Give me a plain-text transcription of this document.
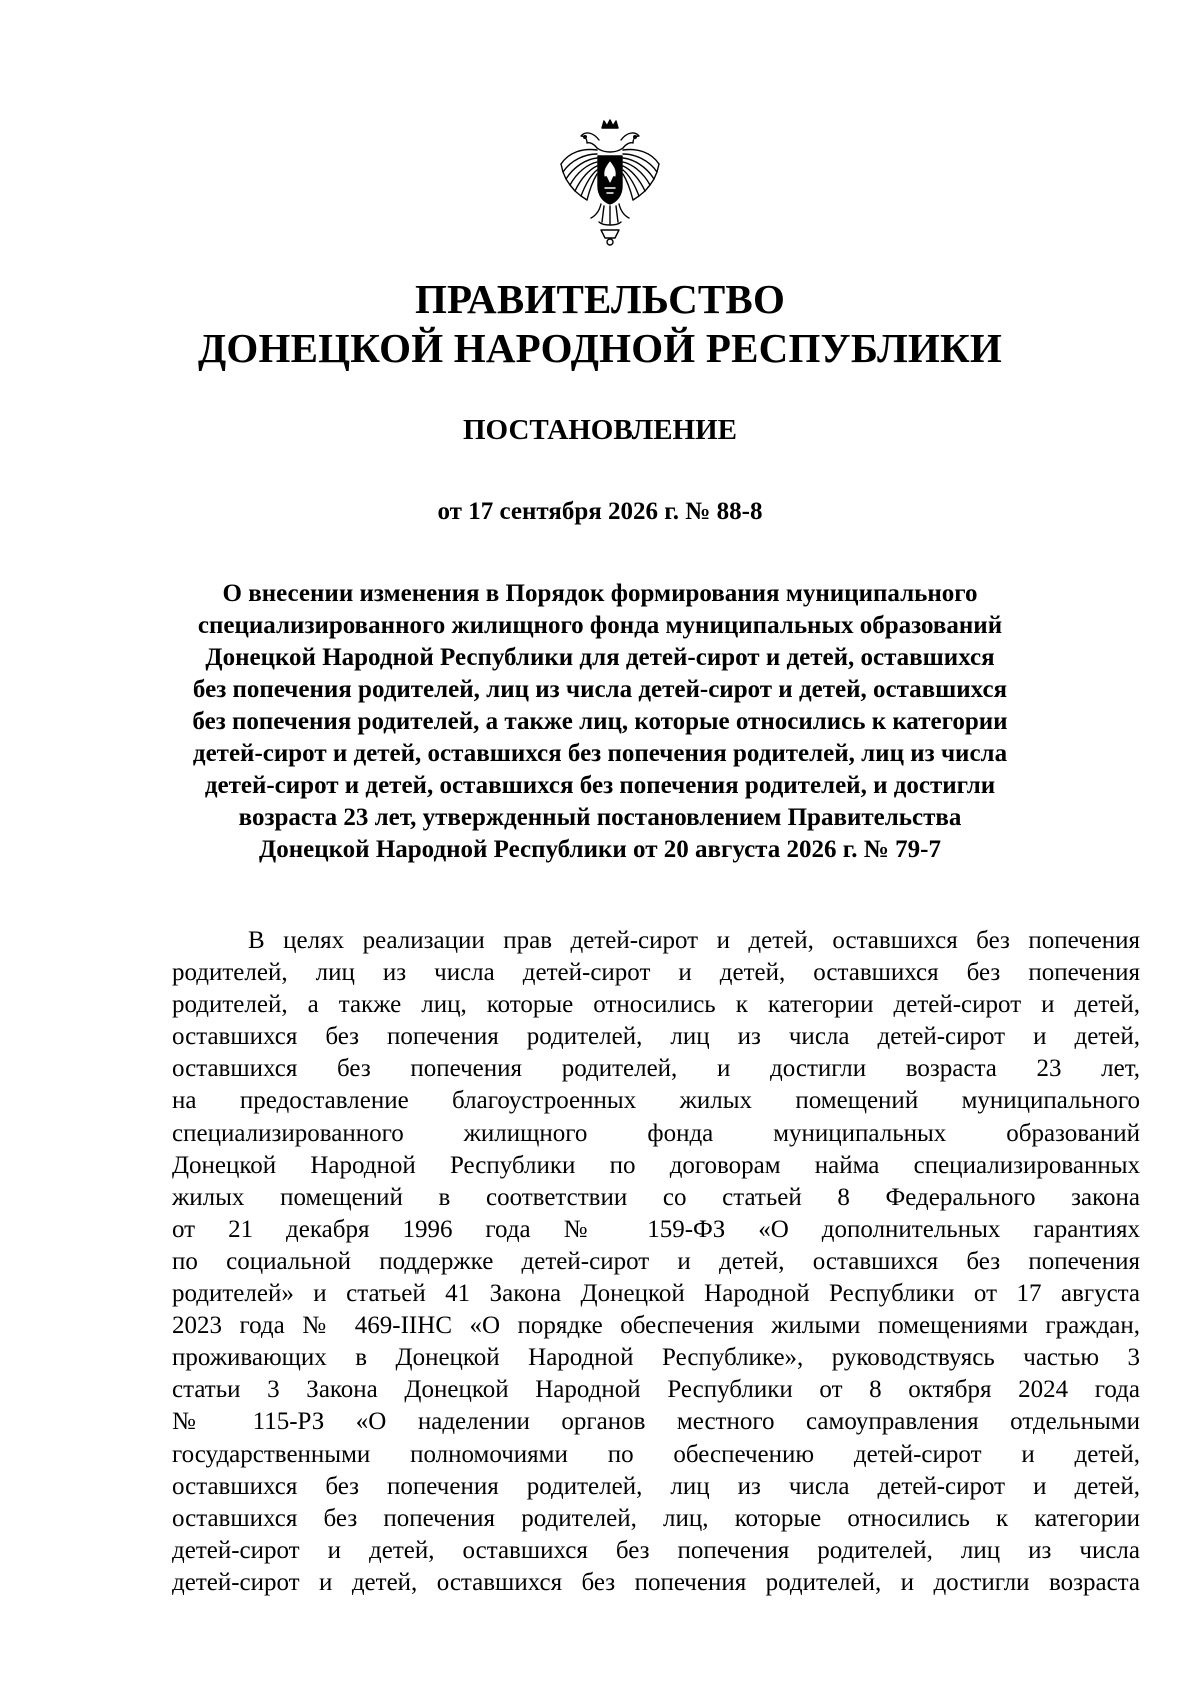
ПРАВИТЕЛЬСТВО
ДОНЕЦКОЙ НАРОДНОЙ РЕСПУБЛИКИ
ПОСТАНОВЛЕНИЕ
от 17 сентября 2026 г. № 88-8
О внесении изменения в Порядок формирования муниципального
специализированного жилищного фонда муниципальных образований
Донецкой Народной Республики для детей-сирот и детей, оставшихся
без попечения родителей, лиц из числа детей-сирот и детей, оставшихся
без попечения родителей, а также лиц, которые относились к категории
детей-сирот и детей, оставшихся без попечения родителей, лиц из числа
детей-сирот и детей, оставшихся без попечения родителей, и достигли
возраста 23 лет, утвержденный постановлением Правительства
Донецкой Народной Республики от 20 августа 2026 г. № 79-7
В целях реализации прав детей-сирот и детей, оставшихся без попечения
родителей, лиц из числа детей-сирот и детей, оставшихся без попечения
родителей, а также лиц, которые относились к категории детей-сирот и детей,
оставшихся без попечения родителей, лиц из числа детей-сирот и детей,
оставшихся без попечения родителей, и достигли возраста 23 лет,
на предоставление благоустроенных жилых помещений муниципального
специализированного жилищного фонда муниципальных образований
Донецкой Народной Республики по договорам найма специализированных
жилых помещений в соответствии со статьей 8 Федерального закона
от 21 декабря 1996 года № 159-ФЗ «О дополнительных гарантиях
по социальной поддержке детей-сирот и детей, оставшихся без попечения
родителей» и статьей 41 Закона Донецкой Народной Республики от 17 августа
2023 года № 469-IIНС «О порядке обеспечения жилыми помещениями граждан,
проживающих в Донецкой Народной Республике», руководствуясь частью 3
статьи 3 Закона Донецкой Народной Республики от 8 октября 2024 года
№ 115-РЗ «О наделении органов местного самоуправления отдельными
государственными полномочиями по обеспечению детей-сирот и детей,
оставшихся без попечения родителей, лиц из числа детей-сирот и детей,
оставшихся без попечения родителей, лиц, которые относились к категории
детей-сирот и детей, оставшихся без попечения родителей, лиц из числа
детей-сирот и детей, оставшихся без попечения родителей, и достигли возраста
